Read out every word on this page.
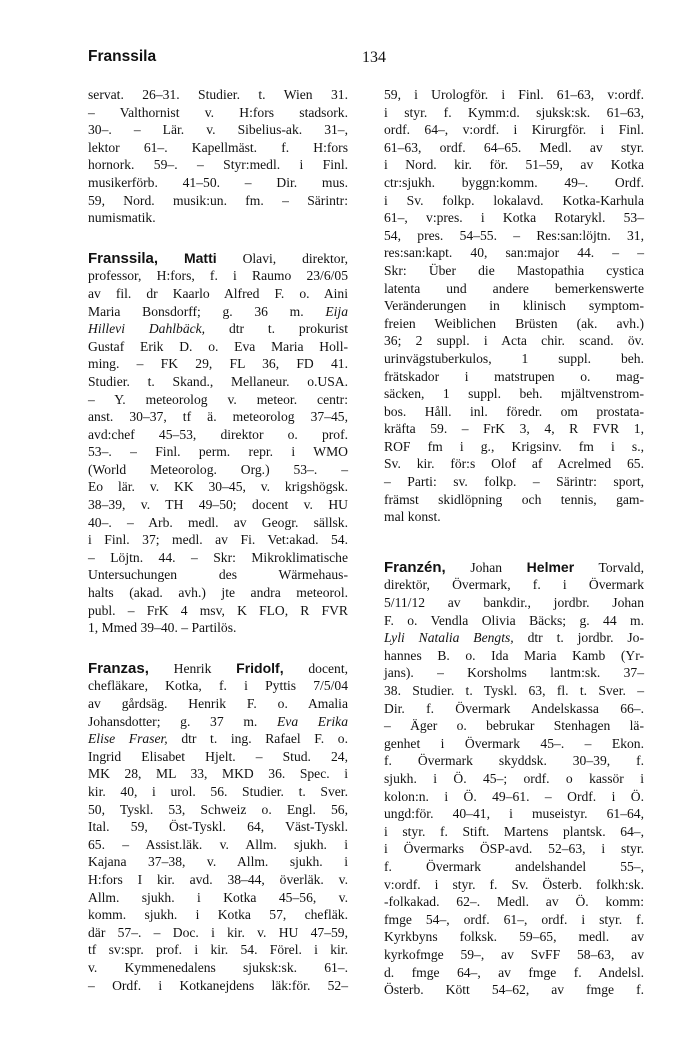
Franssila	134
servat. 26–31. Studier. t. Wien 31.
– Valthornist v. H:fors stadsork.
30–. – Lär. v. Sibelius-ak. 31–,
lektor 61–. Kapellmäst. f. H:fors
hornork. 59–. – Styr:medl. i Finl.
musikerförb. 41–50. – Dir. mus.
59, Nord. musik:un. fm. – Särintr:
numismatik.
Franssila, Matti Olavi, direktor,
professor, H:fors, f. i Raumo 23/6/05
av fil. dr Kaarlo Alfred F. o. Aini
Maria Bonsdorff; g. 36 m. Eija
Hillevi Dahlbäck, dtr t. prokurist
Gustaf Erik D. o. Eva Maria Holl-
ming. – FK 29, FL 36, FD 41.
Studier. t. Skand., Mellaneur. o.USA.
– Y. meteorolog v. meteor. centr:
anst. 30–37, tf ä. meteorolog 37–45,
avd:chef 45–53, direktor o. prof.
53–. – Finl. perm. repr. i WMO
(World Meteorolog. Org.) 53–. –
Eo lär. v. KK 30–45, v. krigshögsk.
38–39, v. TH 49–50; docent v. HU
40–. – Arb. medl. av Geogr. sällsk.
i Finl. 37; medl. av Fi. Vet:akad. 54.
– Löjtn. 44. – Skr: Mikroklimatische
Untersuchungen des Wärmehaus-
halts (akad. avh.) jte andra meteorol.
publ. – FrK 4 msv, K FLO, R FVR
1, Mmed 39–40. – Partilös.
Franzas, Henrik Fridolf, docent,
chefläkare, Kotka, f. i Pyttis 7/5/04
av gårdsäg. Henrik F. o. Amalia
Johansdotter; g. 37 m. Eva Erika
Elise Fraser, dtr t. ing. Rafael F. o.
Ingrid Elisabet Hjelt. – Stud. 24,
MK 28, ML 33, MKD 36. Spec. i
kir. 40, i urol. 56. Studier. t. Sver.
50, Tyskl. 53, Schweiz o. Engl. 56,
Ital. 59, Öst-Tyskl. 64, Väst-Tyskl.
65. – Assist.läk. v. Allm. sjukh. i
Kajana 37–38, v. Allm. sjukh. i
H:fors I kir. avd. 38–44, överläk. v.
Allm. sjukh. i Kotka 45–56, v.
komm. sjukh. i Kotka 57, chefläk.
där 57–. – Doc. i kir. v. HU 47–59,
tf sv:spr. prof. i kir. 54. Förel. i kir.
v. Kymmenedalens sjuksk:sk. 61–.
– Ordf. i Kotkanejdens läk:för. 52–
59, i Urologför. i Finl. 61–63, v:ordf.
i styr. f. Kymm:d. sjuksk:sk. 61–63,
ordf. 64–, v:ordf. i Kirurgför. i Finl.
61–63, ordf. 64–65. Medl. av styr.
i Nord. kir. för. 51–59, av Kotka
ctr:sjukh. byggn:komm. 49–. Ordf.
i Sv. folkp. lokalavd. Kotka-Karhula
61–, v:pres. i Kotka Rotarykl. 53–
54, pres. 54–55. – Res:san:löjtn. 31,
res:san:kapt. 40, san:major 44. – –
Skr: Über die Mastopathia cystica
latenta und andere bemerkenswerte
Veränderungen in klinisch symptom-
freien Weiblichen Brüsten (ak. avh.)
36; 2 suppl. i Acta chir. scand. öv.
urinvägstuberkulos, 1 suppl. beh.
frätskador i matstrupen o. mag-
säcken, 1 suppl. beh. mjältvenstrom-
bos. Håll. inl. föredr. om prostata-
kräfta 59. – FrK 3, 4, R FVR 1,
ROF fm i g., Krigsinv. fm i s.,
Sv. kir. för:s Olof af Acrelmed 65.
– Parti: sv. folkp. – Särintr: sport,
främst skidlöpning och tennis, gam-
mal konst.
Franzén, Johan Helmer Torvald,
direktör, Övermark, f. i Övermark
5/11/12 av bankdir., jordbr. Johan
F. o. Vendla Olivia Bäcks; g. 44 m.
Lyli Natalia Bengts, dtr t. jordbr. Jo-
hannes B. o. Ida Maria Kamb (Yr-
jans). – Korsholms lantm:sk. 37–
38. Studier. t. Tyskl. 63, fl. t. Sver. –
Dir. f. Övermark Andelskassa 66–.
– Äger o. bebrukar Stenhagen lä-
genhet i Övermark 45–. – Ekon.
f. Övermark skyddsk. 30–39, f.
sjukh. i Ö. 45–; ordf. o kassör i
kolon:n. i Ö. 49–61. – Ordf. i Ö.
ungd:för. 40–41, i museistyr. 61–64,
i styr. f. Stift. Martens plantsk. 64–,
i Övermarks ÖSP-avd. 52–63, i styr.
f. Övermark andelshandel 55–,
v:ordf. i styr. f. Sv. Österb. folkh:sk.
-folkakad. 62–. Medl. av Ö. komm:
fmge 54–, ordf. 61–, ordf. i styr. f.
Kyrkbyns folksk. 59–65, medl. av
kyrkofmge 59–, av SvFF 58–63, av
d. fmge 64–, av fmge f. Andelsl.
Österb. Kött 54–62, av fmge f.
